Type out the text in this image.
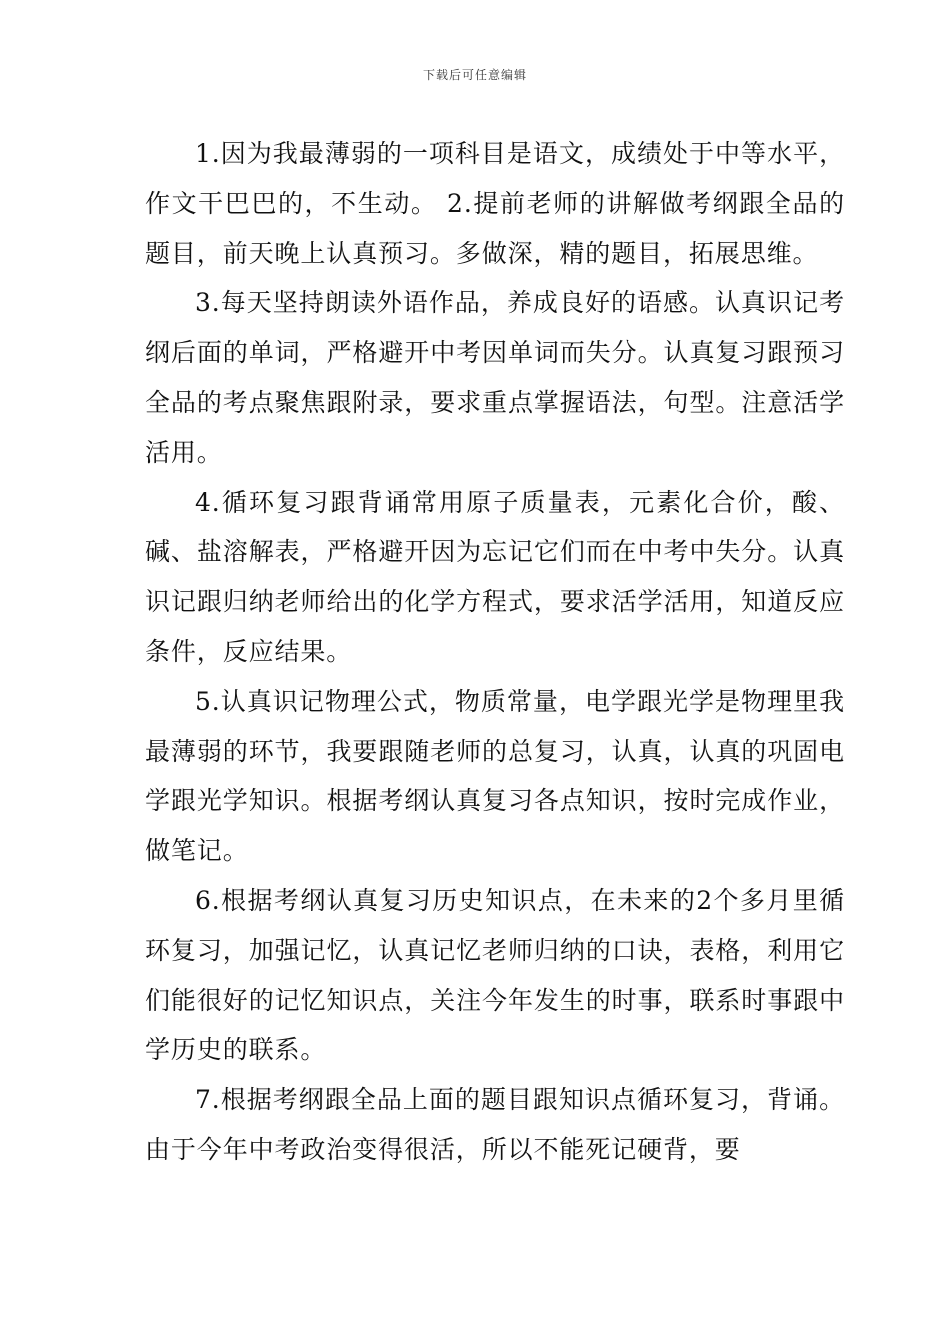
下载后可任意编辑

1.因为我最薄弱的一项科目是语文，成绩处于中等水平，作文干巴巴的，不生动。 2.提前老师的讲解做考纲跟全品的题目，前天晚上认真预习。多做深，精的题目，拓展思维。

3.每天坚持朗读外语作品，养成良好的语感。认真识记考纲后面的单词，严格避开中考因单词而失分。认真复习跟预习全品的考点聚焦跟附录，要求重点掌握语法，句型。注意活学活用。

4.循环复习跟背诵常用原子质量表，元素化合价，酸、碱、盐溶解表，严格避开因为忘记它们而在中考中失分。认真识记跟归纳老师给出的化学方程式，要求活学活用，知道反应条件，反应结果。

5.认真识记物理公式，物质常量，电学跟光学是物理里我最薄弱的环节，我要跟随老师的总复习，认真，认真的巩固电学跟光学知识。根据考纲认真复习各点知识，按时完成作业，做笔记。

6.根据考纲认真复习历史知识点，在未来的2个多月里循环复习，加强记忆，认真记忆老师归纳的口诀，表格，利用它们能很好的记忆知识点，关注今年发生的时事，联系时事跟中学历史的联系。

7.根据考纲跟全品上面的题目跟知识点循环复习，背诵。由于今年中考政治变得很活，所以不能死记硬背，要
